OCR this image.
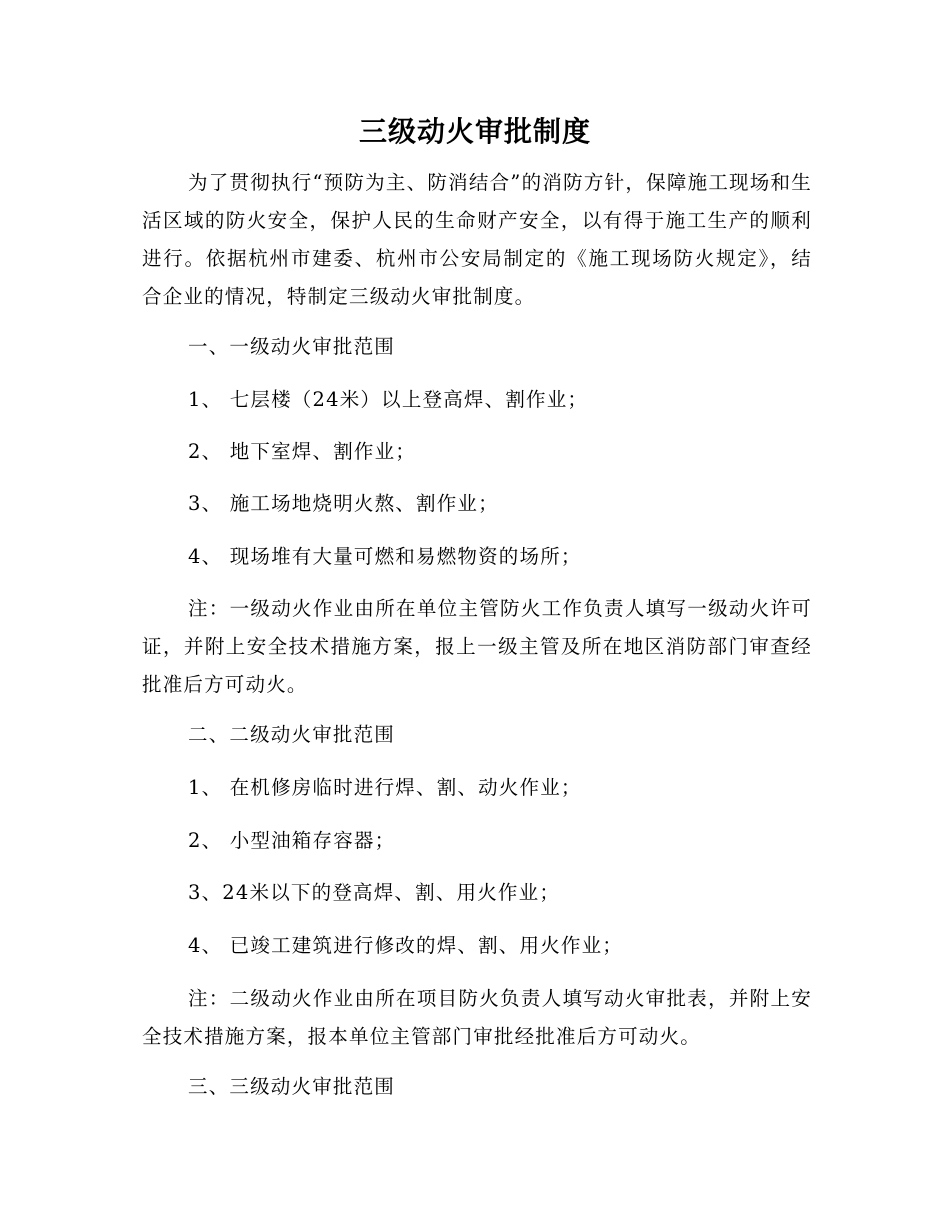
三级动火审批制度

为了贯彻执行“预防为主、防消结合”的消防方针，保障施工现场和生活区域的防火安全，保护人民的生命财产安全，以有得于施工生产的顺利进行。依据杭州市建委、杭州市公安局制定的《施工现场防火规定》，结合企业的情况，特制定三级动火审批制度。

一、一级动火审批范围
1、 七层楼（24米）以上登高焊、割作业；
2、 地下室焊、割作业；
3、 施工场地烧明火熬、割作业；
4、 现场堆有大量可燃和易燃物资的场所；

注：一级动火作业由所在单位主管防火工作负责人填写一级动火许可证，并附上安全技术措施方案，报上一级主管及所在地区消防部门审查经批准后方可动火。

二、二级动火审批范围
1、 在机修房临时进行焊、割、动火作业；
2、 小型油箱存容器；
3、24米以下的登高焊、割、用火作业；
4、 已竣工建筑进行修改的焊、割、用火作业；

注：二级动火作业由所在项目防火负责人填写动火审批表，并附上安全技术措施方案，报本单位主管部门审批经批准后方可动火。

三、三级动火审批范围
